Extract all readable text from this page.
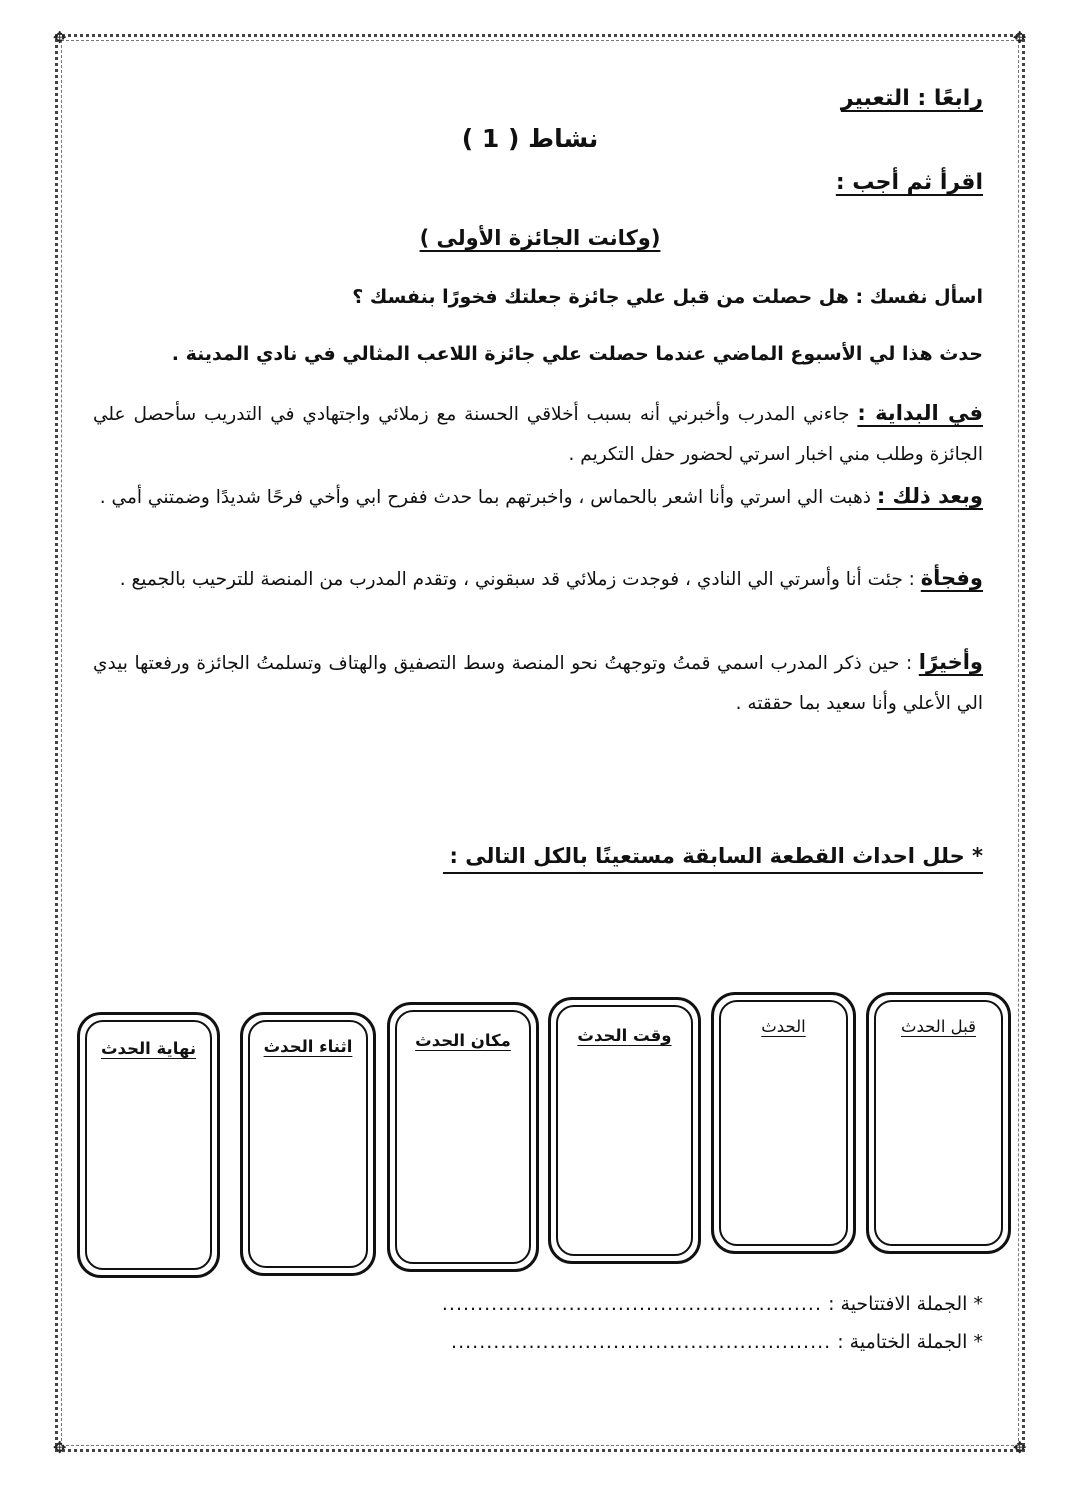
✥	✥
✥	✥
رابعًا : التعبير
نشاط ( 1 )
اقرأ ثم أجب :
(وكانت الجائزة الأولى )
اسأل نفسك : هل حصلت من قبل علي جائزة جعلتك فخورًا بنفسك ؟
حدث هذا لي الأسبوع الماضي عندما حصلت علي جائزة اللاعب المثالي في نادي المدينة .
في البداية : جاءني المدرب وأخبرني أنه بسبب أخلاقي الحسنة مع زملائي واجتهادي في التدريب سأحصل علي الجائزة وطلب مني اخبار اسرتي لحضور حفل التكريم .
وبعد ذلك : ذهبت الي اسرتي وأنا اشعر بالحماس ، واخبرتهم بما حدث ففرح ابي وأخي فرحًا شديدًا وضمتني أمي .
وفجأة : جئت أنا وأسرتي الي النادي ، فوجدت زملائي قد سبقوني ، وتقدم المدرب من المنصة للترحيب بالجميع .
وأخيرًا : حين ذكر المدرب اسمي قمتُ وتوجهتُ نحو المنصة وسط التصفيق والهتاف وتسلمتُ الجائزة ورفعتها بيدي الي الأعلي وأنا سعيد بما حققته .
* حلل احداث القطعة السابقة مستعينًا بالكل التالى :
قبل الحدث
الحدث
وقت الحدث
مكان الحدث
اثناء الحدث
نهاية الحدث
* الجملة الافتتاحية : ......................................................
* الجملة الختامية : ......................................................
